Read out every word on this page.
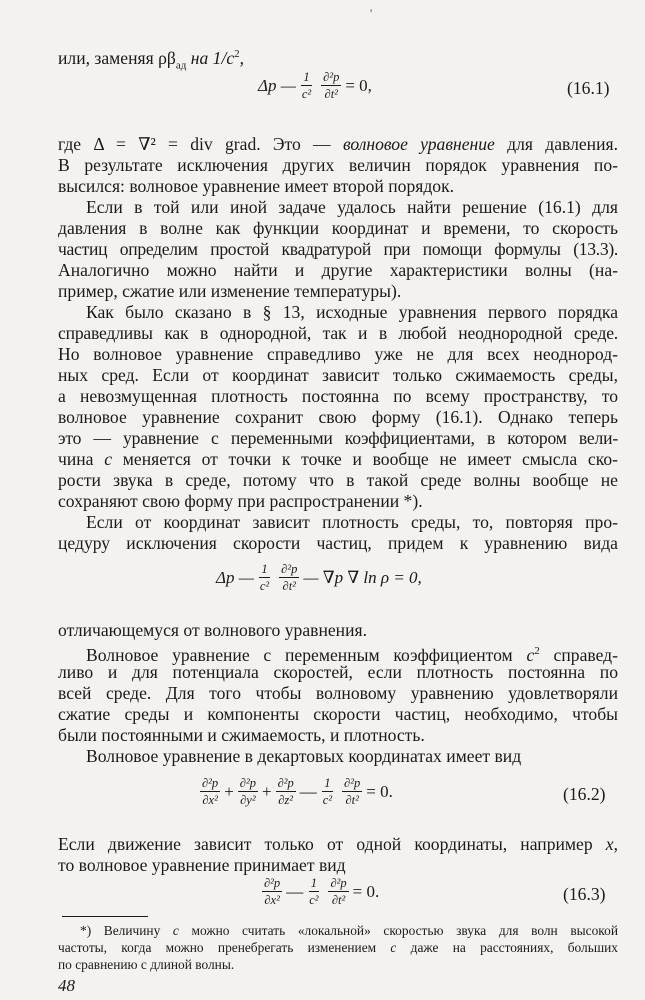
'
или, заменяя $\rho\beta_{ад}$ на $1/c^2$,
Δp — $\frac{1}{\text{c²}} \frac{\text{∂²p}}{\text{∂t²}} = 0$,	(16.1)
где Δ = ∇² = div grad. Это — волновое уравнение для давления.
В результате исключения других величин порядок уравнения по-
высился: волновое уравнение имеет второй порядок.
Если в той или иной задаче удалось найти решение (16.1) для
давления в волне как функции координат и времени, то скорость
частиц определим простой квадратурой при помощи формулы (13.3).
Аналогично можно найти и другие характеристики волны (на-
пример, сжатие или изменение температуры).
Как было сказано в § 13, исходные уравнения первого порядка
справедливы как в однородной, так и в любой неоднородной среде.
Но волновое уравнение справедливо уже не для всех неоднород-
ных сред. Если от координат зависит только сжимаемость среды,
а невозмущенная плотность постоянна по всему пространству, то
волновое уравнение сохранит свою форму (16.1). Однако теперь
это — уравнение с переменными коэффициентами, в котором вели-
чина c меняется от точки к точке и вообще не имеет смысла ско-
рости звука в среде, потому что в такой среде волны вообще не
сохраняют свою форму при распространении *).
Если от координат зависит плотность среды, то, повторяя про-
цедуру исключения скорости частиц, придем к уравнению вида
Δp — $\frac{1}{\text{c²}} \frac{\text{∂²p}}{\text{∂t²}}$ — ∇p ∇ ln ρ = 0,
отличающемуся от волнового уравнения.
Волновое уравнение с переменным коэффициентом $c^2$ справед-
ливо и для потенциала скоростей, если плотность постоянна по
всей среде. Для того чтобы волновому уравнению удовлетворяли
сжатие среды и компоненты скорости частиц, необходимо, чтобы
были постоянными и сжимаемость, и плотность.
Волновое уравнение в декартовых координатах имеет вид
$\frac{\text{∂²p}}{\text{∂x²}} + \frac{\text{∂²p}}{\text{∂y²}} + \frac{\text{∂²p}}{\text{∂z²}}$ — $\frac{1}{\text{c²}} \frac{\text{∂²p}}{\text{∂t²}} = 0$.	(16.2)
Если движение зависит только от одной координаты, например x,
то волновое уравнение принимает вид
$\frac{\text{∂²p}}{\text{∂x²}}$ — $\frac{1}{\text{c²}} \frac{\text{∂²p}}{\text{∂t²}} = 0$.	(16.3)
*) Величину c можно считать «локальной» скоростью звука для волн высокой
частоты, когда можно пренебрегать изменением c даже на расстояниях, больших
по сравнению с длиной волны.
48
